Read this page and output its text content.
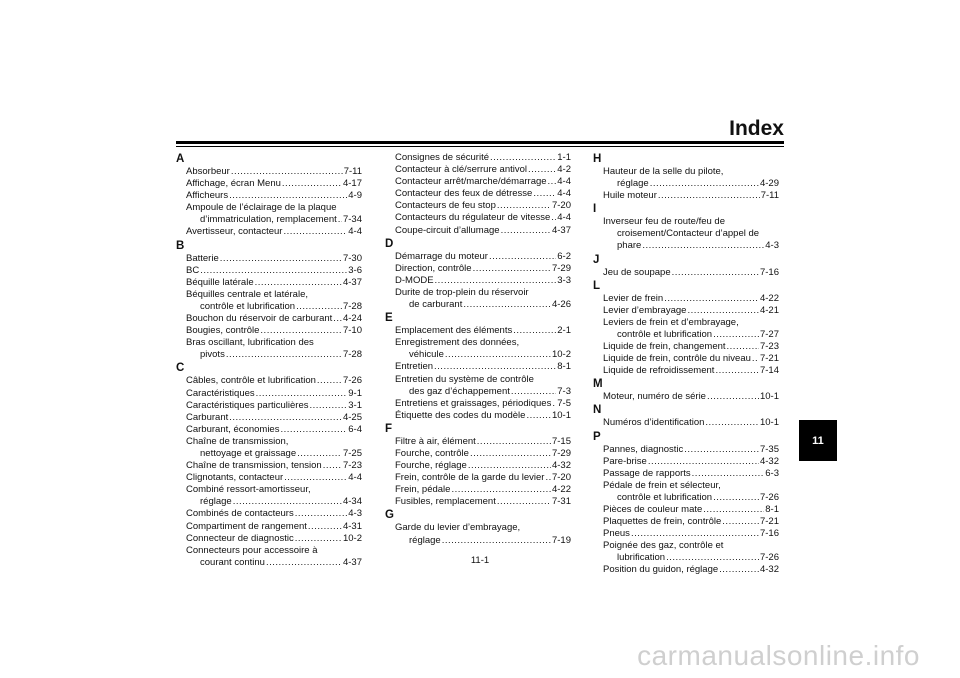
Index
A
Absorbeur .....	7-11
Affichage, écran Menu .....	4-17
Afficheurs .....	4-9
Ampoule de l’éclairage de la plaque
d’immatriculation, remplacement ..... 7-34
Avertisseur, contacteur .....	4-4
B
Batterie .....	7-30
BC .....	3-6
Béquille latérale .....	4-37
Béquilles centrale et latérale,
contrôle et lubrification .....	7-28
Bouchon du réservoir de carburant ..... 4-24
Bougies, contrôle .....	7-10
Bras oscillant, lubrification des
pivots .....	7-28
C
Câbles, contrôle et lubrification .....	7-26
Caractéristiques .....	9-1
Caractéristiques particulières .....	3-1
Carburant .....	4-25
Carburant, économies .....	6-4
Chaîne de transmission,
nettoyage et graissage .....	7-25
Chaîne de transmission, tension ..... 7-23
Clignotants, contacteur .....	4-4
Combiné ressort-amortisseur,
réglage .....	4-34
Combinés de contacteurs .....	4-3
Compartiment de rangement .....	4-31
Connecteur de diagnostic .....	10-2
Connecteurs pour accessoire à
courant continu .....	4-37
Consignes de sécurité .....	1-1
Contacteur à clé/serrure antivol .....	4-2
Contacteur arrêt/marche/démarrage ..... 4-4
Contacteur des feux de détresse .....	4-4
Contacteurs de feu stop .....	7-20
Contacteurs du régulateur de vitesse ..... 4-4
Coupe-circuit d’allumage .....	4-37
D
Démarrage du moteur .....	6-2
Direction, contrôle .....	7-29
D-MODE .....	3-3
Durite de trop-plein du réservoir
de carburant .....	4-26
E
Emplacement des éléments .....	2-1
Enregistrement des données,
véhicule .....	10-2
Entretien .....	8-1
Entretien du système de contrôle
des gaz d’échappement .....	7-3
Entretiens et graissages, périodiques ..... 7-5
Étiquette des codes du modèle .....	10-1
F
Filtre à air, élément .....	7-15
Fourche, contrôle .....	7-29
Fourche, réglage .....	4-32
Frein, contrôle de la garde du levier ..... 7-20
Frein, pédale .....	4-22
Fusibles, remplacement .....	7-31
G
Garde du levier d’embrayage,
réglage .....	7-19
H
Hauteur de la selle du pilote,
réglage .....	4-29
Huile moteur .....	7-11
I
Inverseur feu de route/feu de
croisement/Contacteur d’appel de
phare .....	4-3
J
Jeu de soupape .....	7-16
L
Levier de frein .....	4-22
Levier d’embrayage .....	4-21
Leviers de frein et d’embrayage,
contrôle et lubrification .....	7-27
Liquide de frein, changement .....	7-23
Liquide de frein, contrôle du niveau ..... 7-21
Liquide de refroidissement .....	7-14
M
Moteur, numéro de série .....	10-1
N
Numéros d’identification .....	10-1
P
Pannes, diagnostic .....	7-35
Pare-brise .....	4-32
Passage de rapports .....	6-3
Pédale de frein et sélecteur,
contrôle et lubrification .....	7-26
Pièces de couleur mate .....	8-1
Plaquettes de frein, contrôle .....	7-21
Pneus .....	7-16
Poignée des gaz, contrôle et
lubrification .....	7-26
Position du guidon, réglage .....	4-32
11
11-1
carmanualsonline.info
